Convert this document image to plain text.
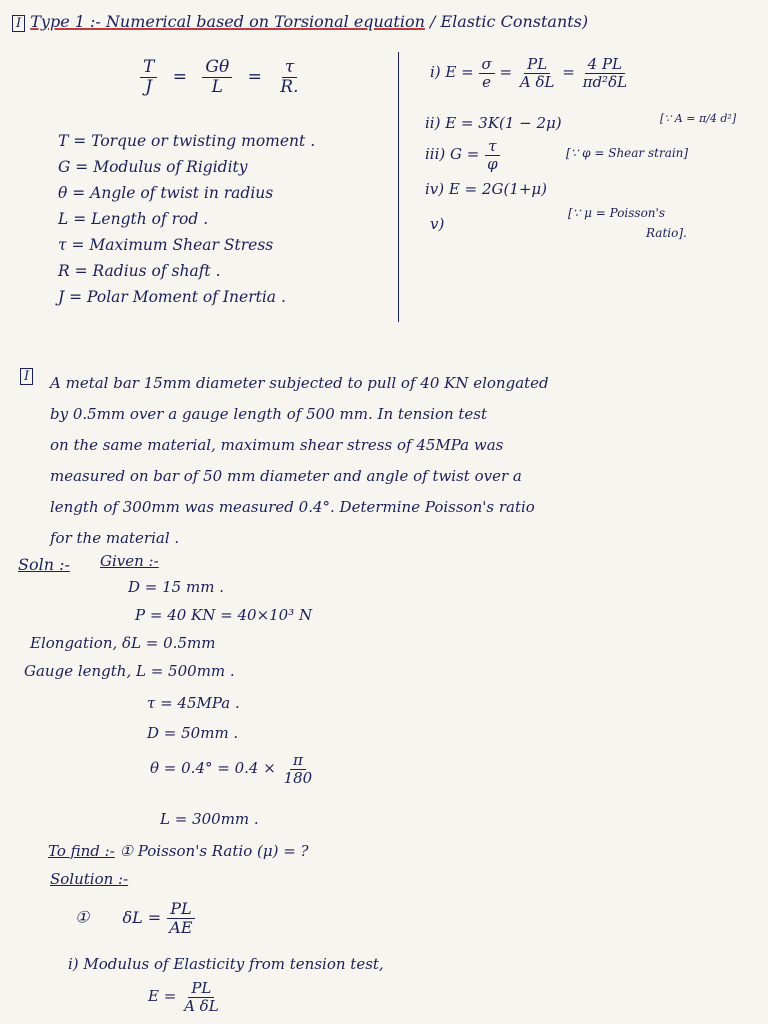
I Type 1 :- Numerical based on Torsional equation / Elastic Constants)
$\frac{T}{J} = \frac{G\theta}{L} = \frac{\tau}{R.}$
T = Torque or twisting moment .
G = Modulus of Rigidity
θ = Angle of twist in radius
L = Length of rod .
τ = Maximum Shear Stress
R = Radius of shaft .
J = Polar Moment of Inertia .
i) $E = \frac{\sigma}{e} = \frac{PL}{\text{A δL}} = \frac{4 PL}{\text{πd²δL}}$
ii) E = 3K(1 − 2μ)	[∵ A = π/4 d²]
iii) $G = \frac{\tau}{\varphi}$	[∵ φ = Shear strain]
iv) E = 2G(1+μ)
v)
[∵ μ = Poisson's
Ratio].
I A metal bar 15mm diameter subjected to pull of 40 KN elongated
by 0.5mm over a gauge length of 500 mm. In tension test
on the same material, maximum shear stress of 45MPa was
measured on bar of 50 mm diameter and angle of twist over a
length of 300mm was measured 0.4°. Determine Poisson's ratio
for the material .
Soln :- Given :-
D = 15 mm .
P = 40 KN = 40×10³ N
Elongation, δL = 0.5mm
Gauge length, L = 500mm .
τ = 45MPa .
D = 50mm .
$\theta = 0.4^\circ = 0.4 \times \frac{\pi}{180}$
L = 300mm .
To find :- ① Poisson's Ratio (μ) = ?
Solution :-
① $\delta L = \frac{PL}{AE}$
i) Modulus of Elasticity from tension test,
$E = \frac{PL}{\text{A δL}}$
